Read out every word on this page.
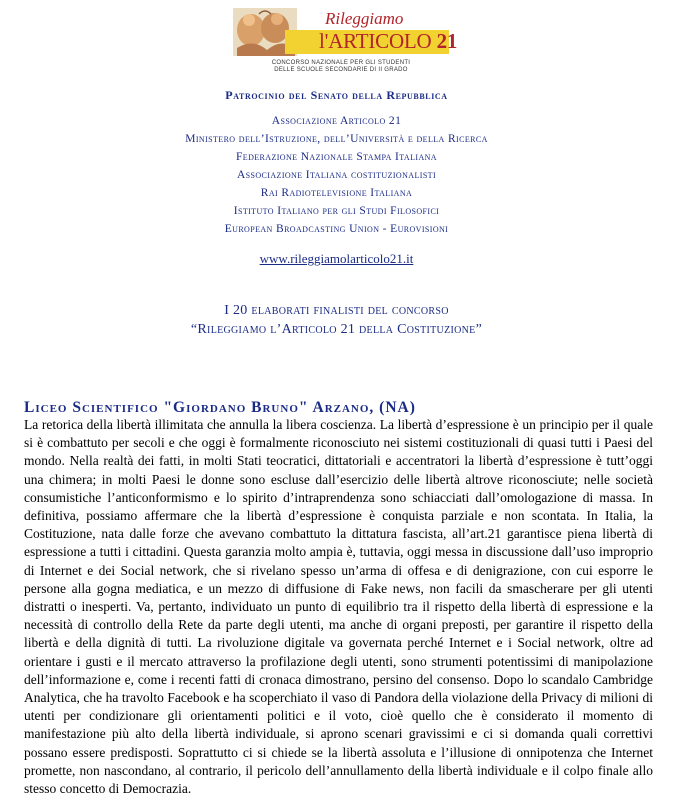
Rileggiamo
l'ARTICOLO 21
CONCORSO NAZIONALE PER GLI STUDENTI
DELLE SCUOLE SECONDARIE DI II GRADO
Patrocinio del Senato della Repubblica
Associazione Articolo 21
Ministero dell’Istruzione, dell’Università e della Ricerca
Federazione Nazionale Stampa Italiana
Associazione Italiana costituzionalisti
Rai Radiotelevisione Italiana
Istituto Italiano per gli Studi Filosofici
European Broadcasting Union - Eurovisioni
www.rileggiamolarticolo21.it
I 20 elaborati finalisti del concorso
“Rileggiamo l’Articolo 21 della Costituzione”
Liceo Scientifico "Giordano Bruno" Arzano, (NA)

La retorica della libertà illimitata che annulla la libera coscienza. La libertà d’espressione è un principio per il quale si è combattuto per secoli e che oggi è formalmente riconosciuto nei sistemi costituzionali di quasi tutti i Paesi del mondo. Nella realtà dei fatti, in molti Stati teocratici, dittatoriali e accentratori la libertà d’espressione è tutt’oggi una chimera; in molti Paesi le donne sono escluse dall’esercizio delle libertà altrove riconosciute; nelle società consumistiche l’anticonformismo e lo spirito d’intraprendenza sono schiacciati dall’omologazione di massa. In definitiva, possiamo affermare che la libertà d’espressione è conquista parziale e non scontata. In Italia, la Costituzione, nata dalle forze che avevano combattuto la dittatura fascista, all’art.21 garantisce piena libertà di espressione a tutti i cittadini. Questa garanzia molto ampia è, tuttavia, oggi messa in discussione dall’uso improprio di Internet e dei Social network, che si rivelano spesso un’arma di offesa e di denigrazione, con cui esporre le persone alla gogna mediatica, e un mezzo di diffusione di Fake news, non facili da smascherare per gli utenti distratti o inesperti. Va, pertanto, individuato un punto di equilibrio tra il rispetto della libertà di espressione e la necessità di controllo della Rete da parte degli utenti, ma anche di organi preposti, per garantire il rispetto della libertà e della dignità di tutti. La rivoluzione digitale va governata perché Internet e i Social network, oltre ad orientare i gusti e il mercato attraverso la profilazione degli utenti, sono strumenti potentissimi di manipolazione dell’informazione e, come i recenti fatti di cronaca dimostrano, persino del consenso. Dopo lo scandalo Cambridge Analytica, che ha travolto Facebook e ha scoperchiato il vaso di Pandora della violazione della Privacy di milioni di utenti per condizionare gli orientamenti politici e il voto, cioè quello che è considerato il momento di manifestazione più alto della libertà individuale, si aprono scenari gravissimi e ci si domanda quali correttivi possano essere predisposti. Soprattutto ci si chiede se la libertà assoluta e l’illusione di onnipotenza che Internet promette, non nascondano, al contrario, il pericolo dell’annullamento della libertà individuale e il colpo finale allo stesso concetto di Democrazia.
